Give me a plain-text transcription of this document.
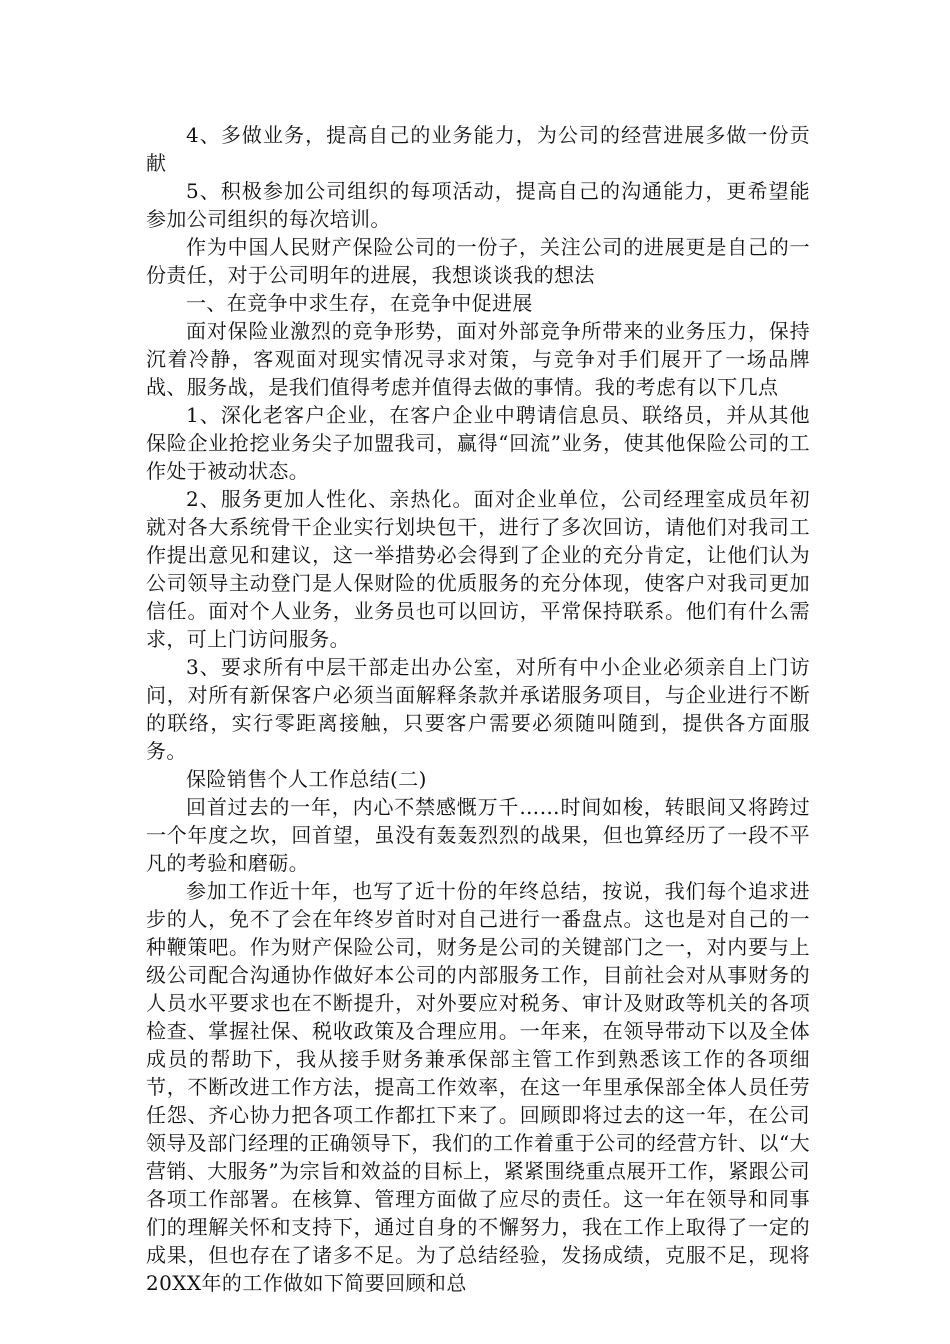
4、多做业务，提高自己的业务能力，为公司的经营进展多做一份贡献

5、积极参加公司组织的每项活动，提高自己的沟通能力，更希望能参加公司组织的每次培训。

作为中国人民财产保险公司的一份子，关注公司的进展更是自己的一份责任，对于公司明年的进展，我想谈谈我的想法

一、在竞争中求生存，在竞争中促进展

面对保险业激烈的竞争形势，面对外部竞争所带来的业务压力，保持沉着冷静，客观面对现实情况寻求对策，与竞争对手们展开了一场品牌战、服务战，是我们值得考虑并值得去做的事情。我的考虑有以下几点

1、深化老客户企业，在客户企业中聘请信息员、联络员，并从其他保险企业抢挖业务尖子加盟我司，赢得“回流”业务，使其他保险公司的工作处于被动状态。

2、服务更加人性化、亲热化。面对企业单位，公司经理室成员年初就对各大系统骨干企业实行划块包干，进行了多次回访，请他们对我司工作提出意见和建议，这一举措势必会得到了企业的充分肯定，让他们认为公司领导主动登门是人保财险的优质服务的充分体现，使客户对我司更加信任。面对个人业务，业务员也可以回访，平常保持联系。他们有什么需求，可上门访问服务。

3、要求所有中层干部走出办公室，对所有中小企业必须亲自上门访问，对所有新保客户必须当面解释条款并承诺服务项目，与企业进行不断的联络，实行零距离接触，只要客户需要必须随叫随到，提供各方面服务。

保险销售个人工作总结(二)

回首过去的一年，内心不禁感慨万千……时间如梭，转眼间又将跨过一个年度之坎，回首望，虽没有轰轰烈烈的战果，但也算经历了一段不平凡的考验和磨砺。

参加工作近十年，也写了近十份的年终总结，按说，我们每个追求进步的人，免不了会在年终岁首时对自己进行一番盘点。这也是对自己的一种鞭策吧。作为财产保险公司，财务是公司的关键部门之一，对内要与上级公司配合沟通协作做好本公司的内部服务工作，目前社会对从事财务的人员水平要求也在不断提升，对外要应对税务、审计及财政等机关的各项检查、掌握社保、税收政策及合理应用。一年来，在领导带动下以及全体成员的帮助下，我从接手财务兼承保部主管工作到熟悉该工作的各项细节，不断改进工作方法，提高工作效率，在这一年里承保部全体人员任劳任怨、齐心协力把各项工作都扛下来了。回顾即将过去的这一年，在公司领导及部门经理的正确领导下，我们的工作着重于公司的经营方针、以“大营销、大服务”为宗旨和效益的目标上，紧紧围绕重点展开工作，紧跟公司各项工作部署。在核算、管理方面做了应尽的责任。这一年在领导和同事们的理解关怀和支持下，通过自身的不懈努力，我在工作上取得了一定的成果，但也存在了诸多不足。为了总结经验，发扬成绩，克服不足，现将20XX年的工作做如下简要回顾和总
